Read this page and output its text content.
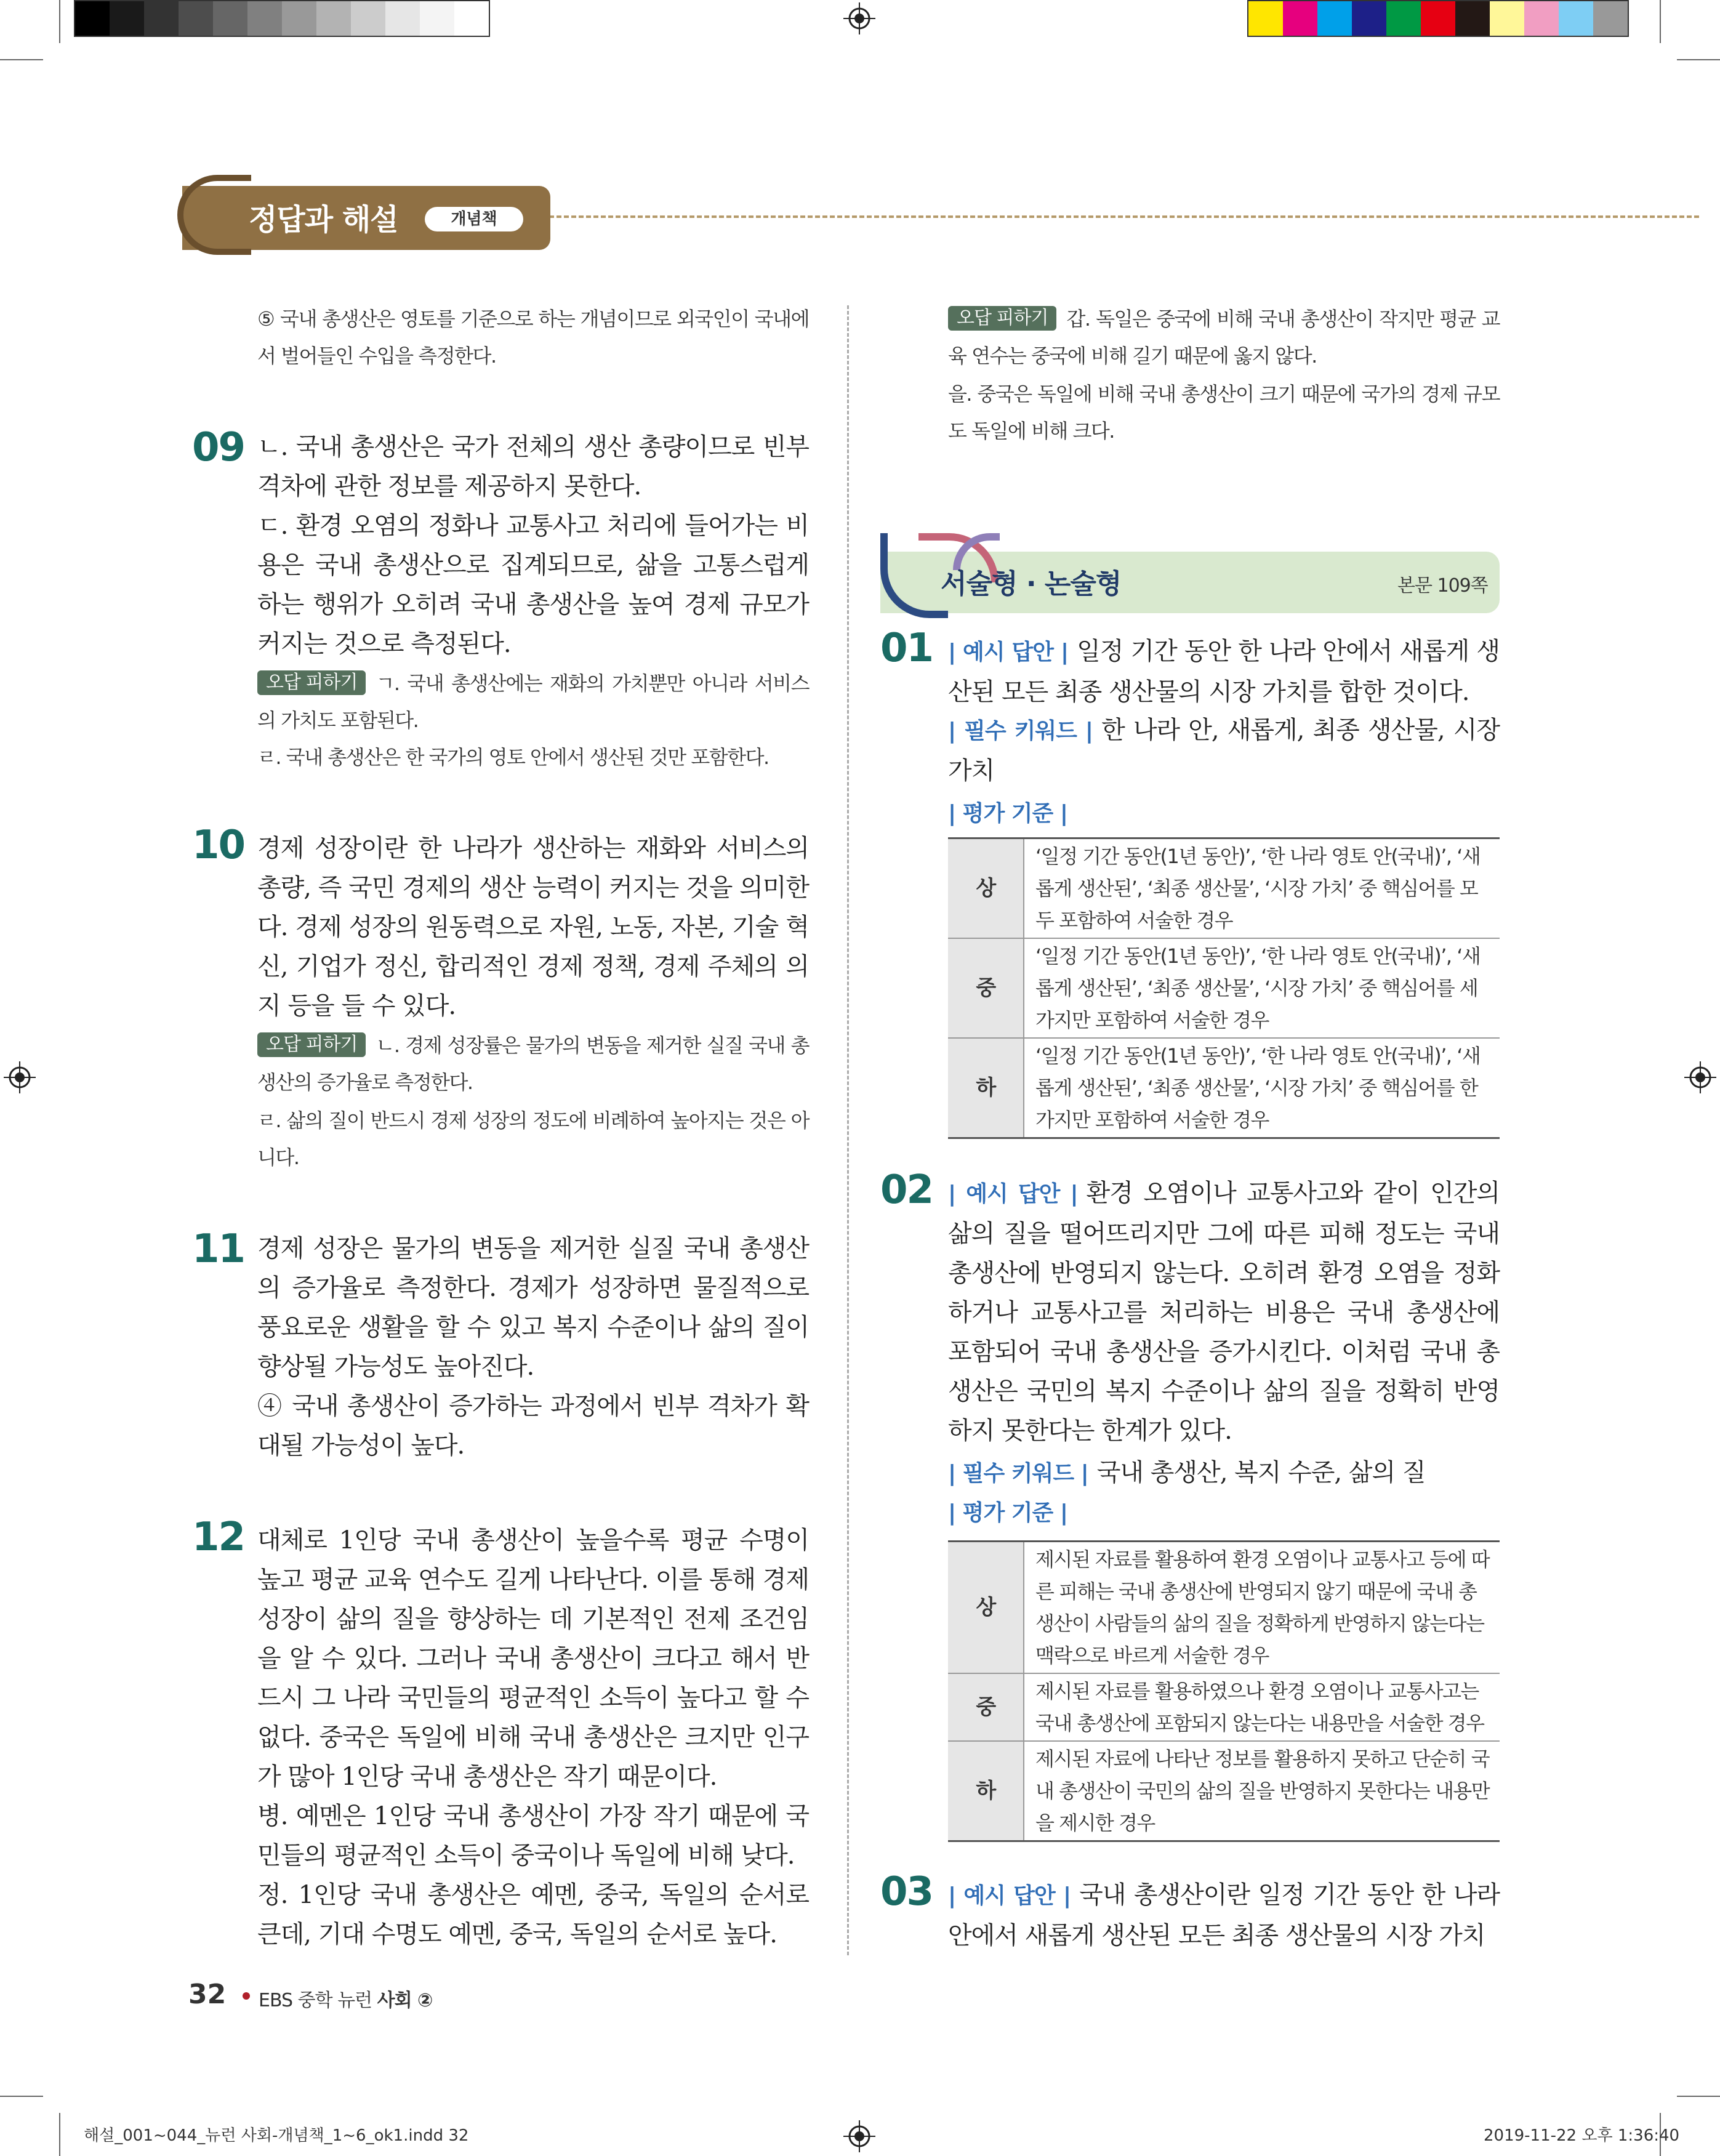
정답과 해설	개념책
⑤ 국내 총생산은 영토를 기준으로 하는 개념이므로 외국인이 국내에서 벌어들인 수입을 측정한다.
09 ㄴ. 국내 총생산은 국가 전체의 생산 총량이므로 빈부 격차에 관한 정보를 제공하지 못한다.
ㄷ. 환경 오염의 정화나 교통사고 처리에 들어가는 비용은 국내 총생산으로 집계되므로, 삶을 고통스럽게 하는 행위가 오히려 국내 총생산을 높여 경제 규모가 커지는 것으로 측정된다.
오답 피하기 ㄱ. 국내 총생산에는 재화의 가치뿐만 아니라 서비스의 가치도 포함된다.
ㄹ. 국내 총생산은 한 국가의 영토 안에서 생산된 것만 포함한다.
10 경제 성장이란 한 나라가 생산하는 재화와 서비스의 총량, 즉 국민 경제의 생산 능력이 커지는 것을 의미한다. 경제 성장의 원동력으로 자원, 노동, 자본, 기술 혁신, 기업가 정신, 합리적인 경제 정책, 경제 주체의 의지 등을 들 수 있다.
오답 피하기 ㄴ. 경제 성장률은 물가의 변동을 제거한 실질 국내 총생산의 증가율로 측정한다.
ㄹ. 삶의 질이 반드시 경제 성장의 정도에 비례하여 높아지는 것은 아니다.
11 경제 성장은 물가의 변동을 제거한 실질 국내 총생산의 증가율로 측정한다. 경제가 성장하면 물질적으로 풍요로운 생활을 할 수 있고 복지 수준이나 삶의 질이 향상될 가능성도 높아진다.
④ 국내 총생산이 증가하는 과정에서 빈부 격차가 확대될 가능성이 높다.
12 대체로 1인당 국내 총생산이 높을수록 평균 수명이 높고 평균 교육 연수도 길게 나타난다. 이를 통해 경제 성장이 삶의 질을 향상하는 데 기본적인 전제 조건임을 알 수 있다. 그러나 국내 총생산이 크다고 해서 반드시 그 나라 국민들의 평균적인 소득이 높다고 할 수 없다. 중국은 독일에 비해 국내 총생산은 크지만 인구가 많아 1인당 국내 총생산은 작기 때문이다.
병. 예멘은 1인당 국내 총생산이 가장 작기 때문에 국민들의 평균적인 소득이 중국이나 독일에 비해 낮다.
정. 1인당 국내 총생산은 예멘, 중국, 독일의 순서로 큰데, 기대 수명도 예멘, 중국, 독일의 순서로 높다.
오답 피하기 갑. 독일은 중국에 비해 국내 총생산이 작지만 평균 교육 연수는 중국에 비해 길기 때문에 옳지 않다.
을. 중국은 독일에 비해 국내 총생산이 크기 때문에 국가의 경제 규모도 독일에 비해 크다.
서술형 · 논술형	본문 109쪽
01 | 예시 답안 | 일정 기간 동안 한 나라 안에서 새롭게 생산된 모든 최종 생산물의 시장 가치를 합한 것이다.
| 필수 키워드 | 한 나라 안, 새롭게, 최종 생산물, 시장 가치
| 평가 기준 |
상	‘일정 기간 동안(1년 동안)’, ‘한 나라 영토 안(국내)’, ‘새롭게 생산된’, ‘최종 생산물’, ‘시장 가치’ 중 핵심어를 모두 포함하여 서술한 경우
중	‘일정 기간 동안(1년 동안)’, ‘한 나라 영토 안(국내)’, ‘새롭게 생산된’, ‘최종 생산물’, ‘시장 가치’ 중 핵심어를 세 가지만 포함하여 서술한 경우
하	‘일정 기간 동안(1년 동안)’, ‘한 나라 영토 안(국내)’, ‘새롭게 생산된’, ‘최종 생산물’, ‘시장 가치’ 중 핵심어를 한 가지만 포함하여 서술한 경우
02 | 예시 답안 | 환경 오염이나 교통사고와 같이 인간의 삶의 질을 떨어뜨리지만 그에 따른 피해 정도는 국내 총생산에 반영되지 않는다. 오히려 환경 오염을 정화하거나 교통사고를 처리하는 비용은 국내 총생산에 포함되어 국내 총생산을 증가시킨다. 이처럼 국내 총생산은 국민의 복지 수준이나 삶의 질을 정확히 반영하지 못한다는 한계가 있다.
| 필수 키워드 | 국내 총생산, 복지 수준, 삶의 질
| 평가 기준 |
상	제시된 자료를 활용하여 환경 오염이나 교통사고 등에 따른 피해는 국내 총생산에 반영되지 않기 때문에 국내 총생산이 사람들의 삶의 질을 정확하게 반영하지 않는다는 맥락으로 바르게 서술한 경우
중	제시된 자료를 활용하였으나 환경 오염이나 교통사고는 국내 총생산에 포함되지 않는다는 내용만을 서술한 경우
하	제시된 자료에 나타난 정보를 활용하지 못하고 단순히 국내 총생산이 국민의 삶의 질을 반영하지 못한다는 내용만을 제시한 경우
03 | 예시 답안 | 국내 총생산이란 일정 기간 동안 한 나라 안에서 새롭게 생산된 모든 최종 생산물의 시장 가치
32 EBS 중학 뉴런 사회 ②
해설_001~044_뉴런 사회-개념책_1~6_ok1.indd 32	2019-11-22 오후 1:36:40
